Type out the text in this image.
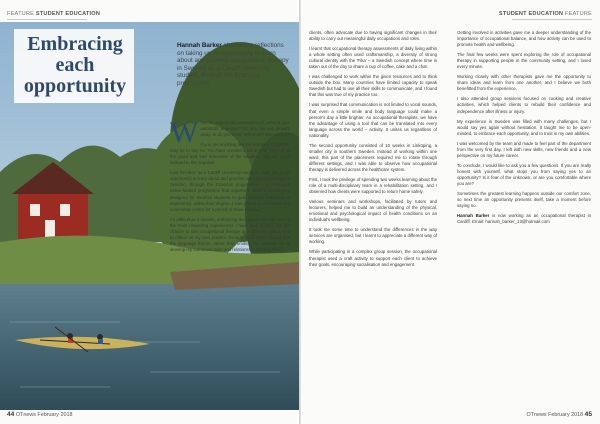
FEATURE STUDENT EDUCATION
Embracing each opportunity
Hannah Barker shares her reflections on taking up an opportunity to learn about and practise occupational therapy in Sweden as a Cardiff University student, through the Erasmus programme

When an opportunity presents itself, what is your automatic response? Do you say yes straight away, or do you think, reflect and then accept?

If you are anything like me you take it together may be to say no. You have created a list in your head of all the good and bad outcomes of the situation, but are more inclined to the negative.

Last October, as a Cardiff University student, I said yes to an opportunity to learn about and practise occupational therapy in Sweden, through the Erasmus programme – a European Union-funded programme that organises student exchanges, designed for medical students to gain valuable international experience, within their degree. I was placed at a hospital and community centre for a period of three months.

As difficult as it sounds, embracing the opportunity was one of the most rewarding experiences I have had. It gave me the chance to see occupational therapy in a different culture and to reflect on my own practice through fresh eyes. I found that the language barrier, rather than limiting me, pushed me to develop my communication and relationship building skills.

44 OTnews February 2018
STUDENT EDUCATION FEATURE

clients, often advocate due to having significant changes in their ability to carry out meaningful daily occupations and roles.

I learnt that occupational therapy assessments of daily living within a whole setting often used craftsmanship, a diversity of strong cultural identity with the 'Fika' – a Swedish concept where time is taken out of the day to share a cup of coffee, cake and a chat.

I was challenged to work within the given resources and to think outside the box. Many countries have limited capacity to speak Swedish but had to use all their skills to communicate, and I found that this was true of my practice too.

I was surprised that communication is not limited to vocal sounds, that even a simple smile and body language could make a person's day a little brighter. As occupational therapists, we have the advantage of using a tool that can be translated into every language across the world – activity. It unites us regardless of nationality.

The second opportunity consisted of 10 weeks in Linköping, a smaller city in southern Sweden. Instead of working within one ward, this part of the placement required me to rotate through different settings, and I was able to observe how occupational therapy is delivered across the healthcare system.

First, I took the privilege of spending two weeks learning about the role of a multi-disciplinary team in a rehabilitation setting, and I observed how clients were supported to return home safely.

Various seminars and workshops, facilitated by tutors and lecturers, helped me to build an understanding of the physical, emotional and psychological impact of health conditions on an individual's wellbeing.

It took me some time to understand the differences in the way services are organised, but I learnt to appreciate a different way of working.

While participating in a complex group session, the occupational therapist used a craft activity to support each client to achieve their goals, encouraging socialisation and engagement.

Getting involved in activities gave me a deeper understanding of the importance of occupational balance, and how activity can be used to promote health and wellbeing.

The final few weeks were spent exploring the role of occupational therapy in supporting people in the community setting, and I loved every minute.

Working closely with other therapists gave me the opportunity to share ideas and learn from one another, and I believe we both benefitted from the experience.

I also attended group sessions focused on cooking and creative activities, which helped clients to rebuild their confidence and independence after illness or injury.

My experience in Sweden was filled with many challenges, but I would say yes again without hesitation. It taught me to be open-minded, to embrace each opportunity, and to trust in my own abilities.

I was welcomed by the team and made to feel part of the department from the very first day. I left with new skills, new friends and a new perspective on my future career.

To conclude, I would like to ask you a few questions. If you are really honest with yourself, what stops you from saying yes to an opportunity? Is it fear of the unknown, or are you comfortable where you are?

Sometimes the greatest learning happens outside our comfort zone, so next time an opportunity presents itself, take a moment before saying no.

Hannah Barker is now working as an occupational therapist in Cardiff. Email: hannah_barker_13@hotmail.com

OTnews February 2018 45
